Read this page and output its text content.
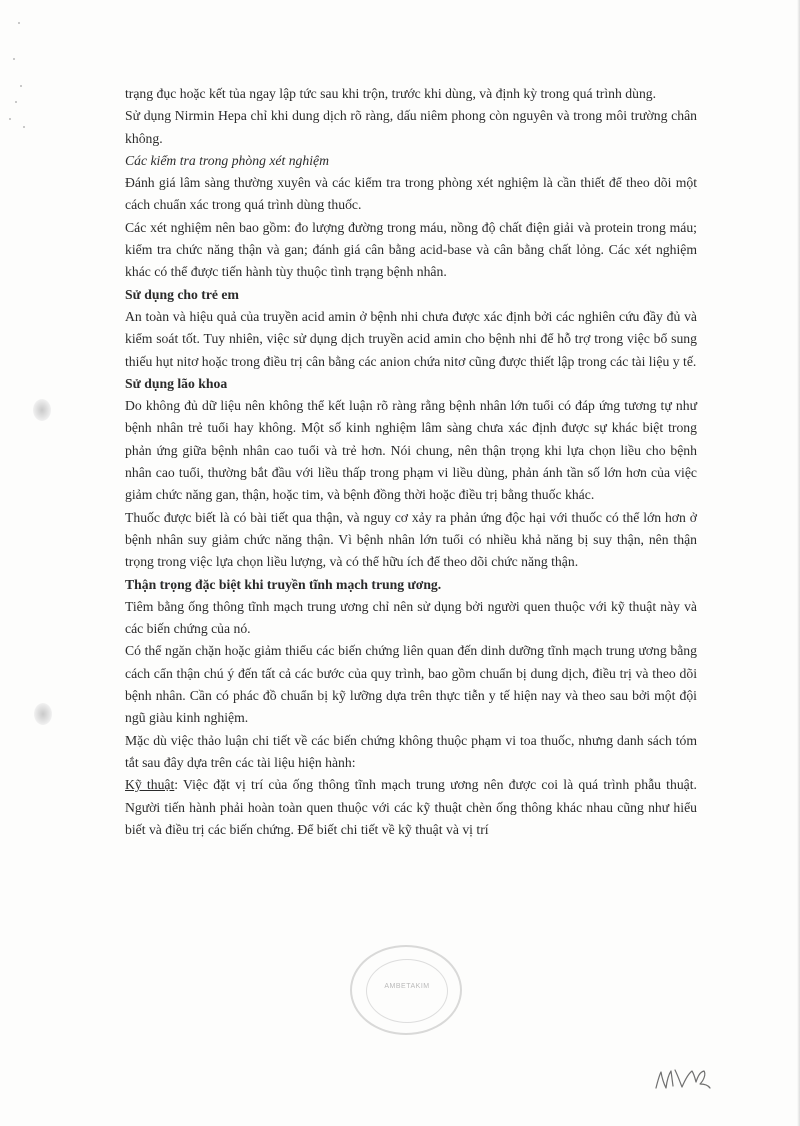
trạng đục hoặc kết tủa ngay lập tức sau khi trộn, trước khi dùng, và định kỳ trong quá trình dùng.

Sử dụng Nirmin Hepa chỉ khi dung dịch rõ ràng, dấu niêm phong còn nguyên và trong môi trường chân không.

Các kiểm tra trong phòng xét nghiệm

Đánh giá lâm sàng thường xuyên và các kiểm tra trong phòng xét nghiệm là cần thiết để theo dõi một cách chuẩn xác trong quá trình dùng thuốc.

Các xét nghiệm nên bao gồm: đo lượng đường trong máu, nồng độ chất điện giải và protein trong máu; kiểm tra chức năng thận và gan; đánh giá cân bằng acid-base và cân bằng chất lỏng. Các xét nghiệm khác có thể được tiến hành tùy thuộc tình trạng bệnh nhân.

Sử dụng cho trẻ em

An toàn và hiệu quả của truyền acid amin ở bệnh nhi chưa được xác định bởi các nghiên cứu đầy đủ và kiểm soát tốt. Tuy nhiên, việc sử dụng dịch truyền acid amin cho bệnh nhi để hỗ trợ trong việc bổ sung thiếu hụt nitơ hoặc trong điều trị cân bằng các anion chứa nitơ cũng được thiết lập trong các tài liệu y tế.

Sử dụng lão khoa

Do không đủ dữ liệu nên không thể kết luận rõ ràng rằng bệnh nhân lớn tuổi có đáp ứng tương tự như bệnh nhân trẻ tuổi hay không. Một số kinh nghiệm lâm sàng chưa xác định được sự khác biệt trong phản ứng giữa bệnh nhân cao tuổi và trẻ hơn. Nói chung, nên thận trọng khi lựa chọn liều cho bệnh nhân cao tuổi, thường bắt đầu với liều thấp trong phạm vi liều dùng, phản ánh tần số lớn hơn của việc giảm chức năng gan, thận, hoặc tim, và bệnh đồng thời hoặc điều trị bằng thuốc khác.

Thuốc được biết là có bài tiết qua thận, và nguy cơ xảy ra phản ứng độc hại với thuốc có thể lớn hơn ở bệnh nhân suy giảm chức năng thận. Vì bệnh nhân lớn tuổi có nhiều khả năng bị suy thận, nên thận trọng trong việc lựa chọn liều lượng, và có thể hữu ích để theo dõi chức năng thận.

Thận trọng đặc biệt khi truyền tĩnh mạch trung ương.

Tiêm bằng ống thông tĩnh mạch trung ương chỉ nên sử dụng bởi người quen thuộc với kỹ thuật này và các biến chứng của nó.

Có thể ngăn chặn hoặc giảm thiểu các biến chứng liên quan đến dinh dưỡng tĩnh mạch trung ương bằng cách cẩn thận chú ý đến tất cả các bước của quy trình, bao gồm chuẩn bị dung dịch, điều trị và theo dõi bệnh nhân. Cần có phác đồ chuẩn bị kỹ lưỡng dựa trên thực tiễn y tế hiện nay và theo sau bởi một đội ngũ giàu kinh nghiệm.

Mặc dù việc thảo luận chi tiết về các biến chứng không thuộc phạm vi toa thuốc, nhưng danh sách tóm tắt sau đây dựa trên các tài liệu hiện hành:

Kỹ thuật: Việc đặt vị trí của ống thông tĩnh mạch trung ương nên được coi là quá trình phẫu thuật. Người tiến hành phải hoàn toàn quen thuộc với các kỹ thuật chèn ống thông khác nhau cũng như hiểu biết và điều trị các biến chứng. Để biết chi tiết về kỹ thuật và vị trí

AMBETAKIM
